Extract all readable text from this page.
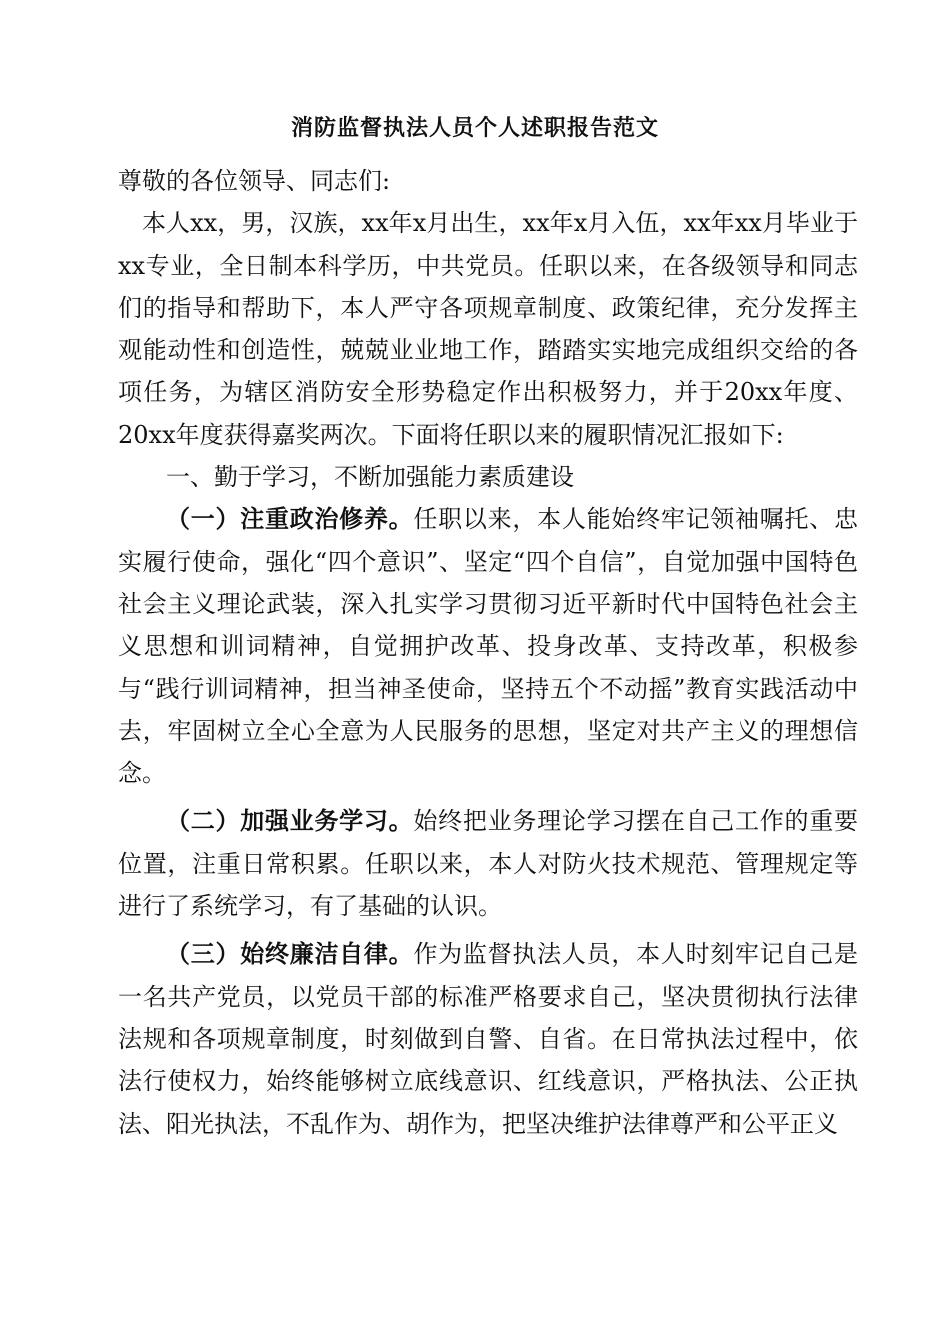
消防监督执法人员个人述职报告范文

尊敬的各位领导、同志们:

本人xx，男，汉族，xx年x月出生，xx年x月入伍，xx年xx月毕业于xx专业，全日制本科学历，中共党员。任职以来，在各级领导和同志们的指导和帮助下，本人严守各项规章制度、政策纪律，充分发挥主观能动性和创造性，兢兢业业地工作，踏踏实实地完成组织交给的各项任务，为辖区消防安全形势稳定作出积极努力，并于20xx年度、20xx年度获得嘉奖两次。下面将任职以来的履职情况汇报如下:

一、勤于学习，不断加强能力素质建设

（一）注重政治修养。任职以来，本人能始终牢记领袖嘱托、忠实履行使命，强化“四个意识”、坚定“四个自信”，自觉加强中国特色社会主义理论武装，深入扎实学习贯彻习近平新时代中国特色社会主义思想和训词精神，自觉拥护改革、投身改革、支持改革，积极参与“践行训词精神，担当神圣使命，坚持五个不动摇”教育实践活动中去，牢固树立全心全意为人民服务的思想，坚定对共产主义的理想信念。

（二）加强业务学习。始终把业务理论学习摆在自己工作的重要位置，注重日常积累。任职以来，本人对防火技术规范、管理规定等进行了系统学习，有了基础的认识。

（三）始终廉洁自律。作为监督执法人员，本人时刻牢记自己是一名共产党员，以党员干部的标准严格要求自己，坚决贯彻执行法律法规和各项规章制度，时刻做到自警、自省。在日常执法过程中，依法行使权力，始终能够树立底线意识、红线意识，严格执法、公正执法、阳光执法，不乱作为、胡作为，把坚决维护法律尊严和公平正义
